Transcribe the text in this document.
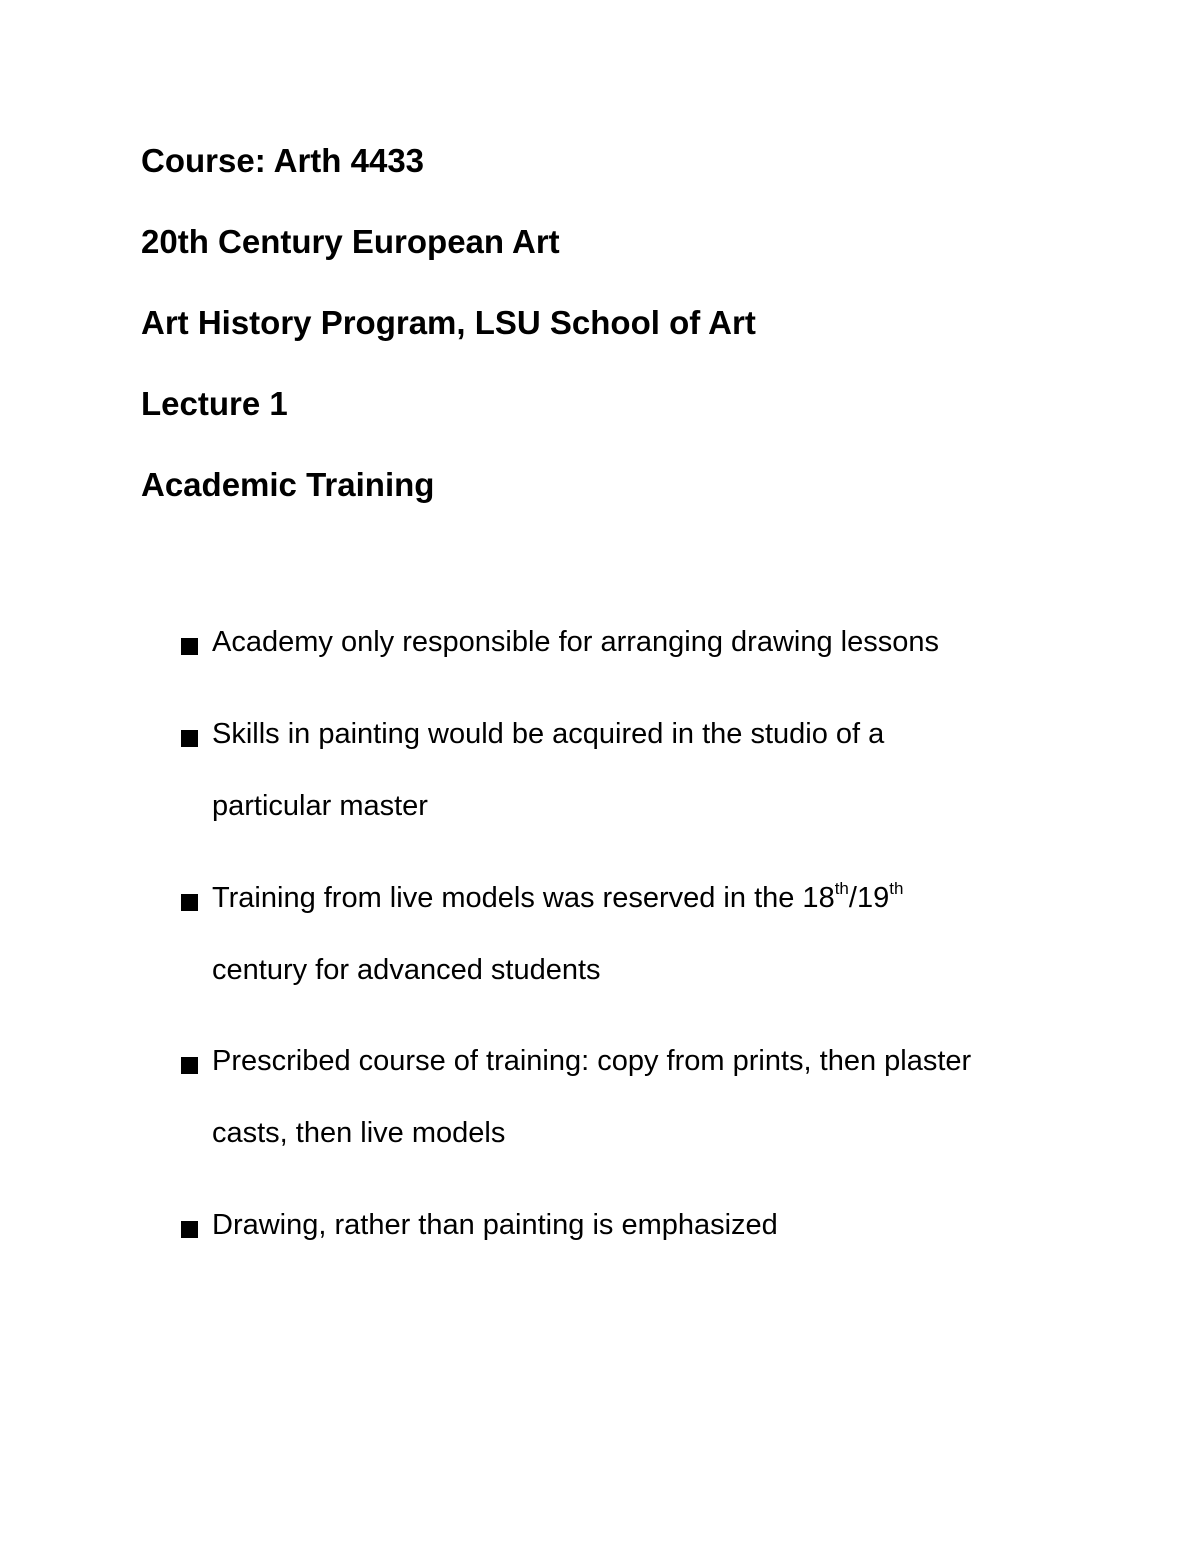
Course: Arth 4433
20th Century European Art
Art History Program, LSU School of Art
Lecture 1
Academic Training
Academy only responsible for arranging drawing lessons
Skills in painting would be acquired in the studio of a
particular master
Training from live models was reserved in the 18th/19th
century for advanced students
Prescribed course of training: copy from prints, then plaster
casts, then live models
Drawing, rather than painting is emphasized
